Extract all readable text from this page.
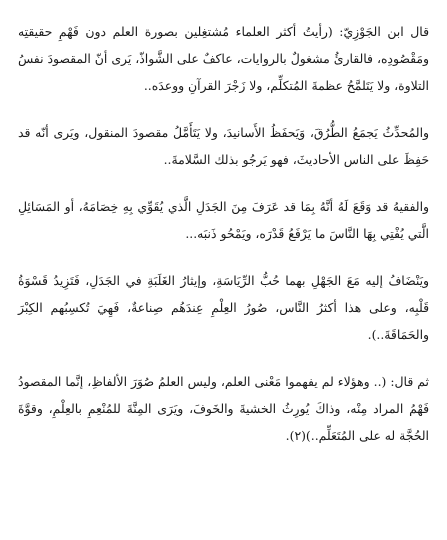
قال ابن الجَوْزِيّ: (رأيتُ أكثر العلماء مُشتغِلين بصورة العلم دون فَهْمِ حقيقتِه ومَقْصُودِه، فالقارئُ مشغولٌ بالروايات، عاكفٌ على الشَّواذّ، يَرى أنّ المقصودَ نفسُ التلاوة، ولا يَتَلمَّحُ عظمةَ المُتكلِّم، ولا زَجْرَ القرآنِ ووعدَه..

والمُحدِّثُ يَجمَعُ الطُّرُقَ، وَيَحفَظُ الأَسانيدَ، ولا يَتَأَمَّلُ مقصودَ المنقول، ويَرى أنّه قد حَفِظَ على الناس الأحاديثَ، فهو يَرجُو بذلك السَّلامةَ..

والفقيهُ قد وَقَعَ لَهُ أنَّهُ بِمَا قد عَرَفَ مِنَ الجَدَلِ الَّذي يُقَوِّي بِهِ خِصَامَهُ، أو المَسَائِلِ الَّتي يُفْتِي بِهَا النَّاسَ ما يَرْفَعُ قَدْرَه، ويَمْحُو ذَنبَه...

ويَنْضَافُ إليه مَعَ الجَهْلِ بهما حُبُّ الرِّيَاسَةِ، وإيثارُ الغَلَبَةِ في الجَدَلِ، فَتَزِيدُ قَسْوَةُ قَلْبِه، وعلى هذا أكثرُ النَّاس، صُورُ العِلْمِ عِندَهُم صِناعةٌ، فَهِيَ تُكسِبُهم الكِبْرَ والحَمَاقَةَ..).

ثم قال: (.. وهؤلاء لم يفهموا مَعْنى العلم، وليس العلمُ صُوَرَ الألفاظِ، إنَّما المقصودُ فَهْمُ المراد مِنْه، وذاكَ يُورِثُ الخشيةَ والخَوفَ، ويَرَى المِنَّةَ للمُنْعِمِ بالعِلْمِ، وقوَّةَ الحُجَّة له على المُتَعَلِّم..)(٢).
